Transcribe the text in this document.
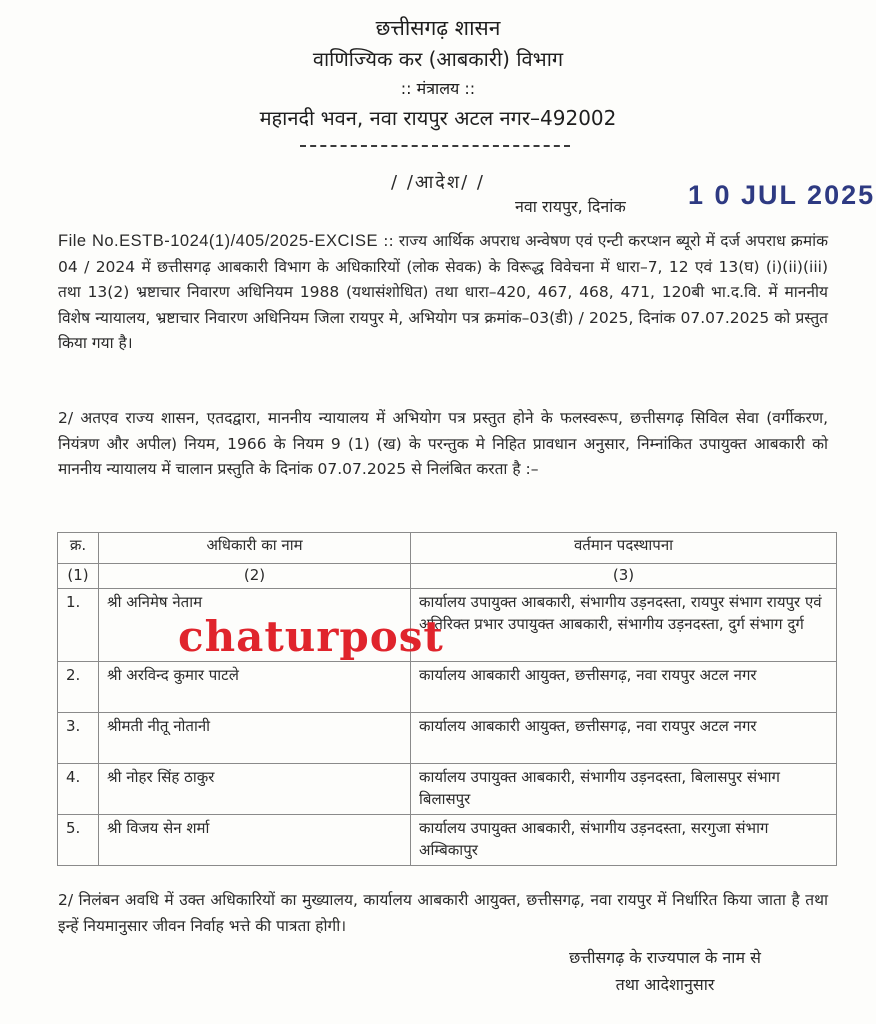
छत्तीसगढ़ शासन
वाणिज्यिक कर (आबकारी) विभाग
:: मंत्रालय ::
महानदी भवन, नवा रायपुर अटल नगर–492002
/ /आदेश/ /
नवा रायपुर, दिनांक 1 0 JUL 2025
File No.ESTB-1024(1)/405/2025-EXCISE :: राज्य आर्थिक अपराध अन्वेषण एवं एन्टी करप्शन ब्यूरो में दर्ज अपराध क्रमांक 04 / 2024 में छत्तीसगढ़ आबकारी विभाग के अधिकारियों (लोक सेवक) के विरूद्ध विवेचना में धारा–7, 12 एवं 13(घ) (i)(ii)(iii) तथा 13(2) भ्रष्टाचार निवारण अधिनियम 1988 (यथासंशोधित) तथा धारा–420, 467, 468, 471, 120बी भा.द.वि. में माननीय विशेष न्यायालय, भ्रष्टाचार निवारण अधिनियम जिला रायपुर मे, अभियोग पत्र क्रमांक–03(डी) / 2025, दिनांक 07.07.2025 को प्रस्तुत किया गया है।
2/ अतएव राज्य शासन, एतदद्वारा, माननीय न्यायालय में अभियोग पत्र प्रस्तुत होने के फलस्वरूप, छत्तीसगढ़ सिविल सेवा (वर्गीकरण, नियंत्रण और अपील) नियम, 1966 के नियम 9 (1) (ख) के परन्तुक मे निहित प्रावधान अनुसार, निम्नांकित उपायुक्त आबकारी को माननीय न्यायालय में चालान प्रस्तुति के दिनांक 07.07.2025 से निलंबित करता है :–
क्र.	अधिकारी का नाम	वर्तमान पदस्थापना
(1)	(2)	(3)
1.	श्री अनिमेष नेताम	कार्यालय उपायुक्त आबकारी, संभागीय उड़नदस्ता, रायपुर संभाग रायपुर एवं अतिरिक्त प्रभार उपायुक्त आबकारी, संभागीय उड़नदस्ता, दुर्ग संभाग दुर्ग
2.	श्री अरविन्द कुमार पाटले	कार्यालय आबकारी आयुक्त, छत्तीसगढ़, नवा रायपुर अटल नगर
3.	श्रीमती नीतू नोतानी	कार्यालय आबकारी आयुक्त, छत्तीसगढ़, नवा रायपुर अटल नगर
4.	श्री नोहर सिंह ठाकुर	कार्यालय उपायुक्त आबकारी, संभागीय उड़नदस्ता, बिलासपुर संभाग बिलासपुर
5.	श्री विजय सेन शर्मा	कार्यालय उपायुक्त आबकारी, संभागीय उड़नदस्ता, सरगुजा संभाग अम्बिकापुर
2/ निलंबन अवधि में उक्त अधिकारियों का मुख्यालय, कार्यालय आबकारी आयुक्त, छत्तीसगढ़, नवा रायपुर में निर्धारित किया जाता है तथा इन्हें नियमानुसार जीवन निर्वाह भत्ते की पात्रता होगी।
छत्तीसगढ़ के राज्यपाल के नाम से
तथा आदेशानुसार
chaturpost
